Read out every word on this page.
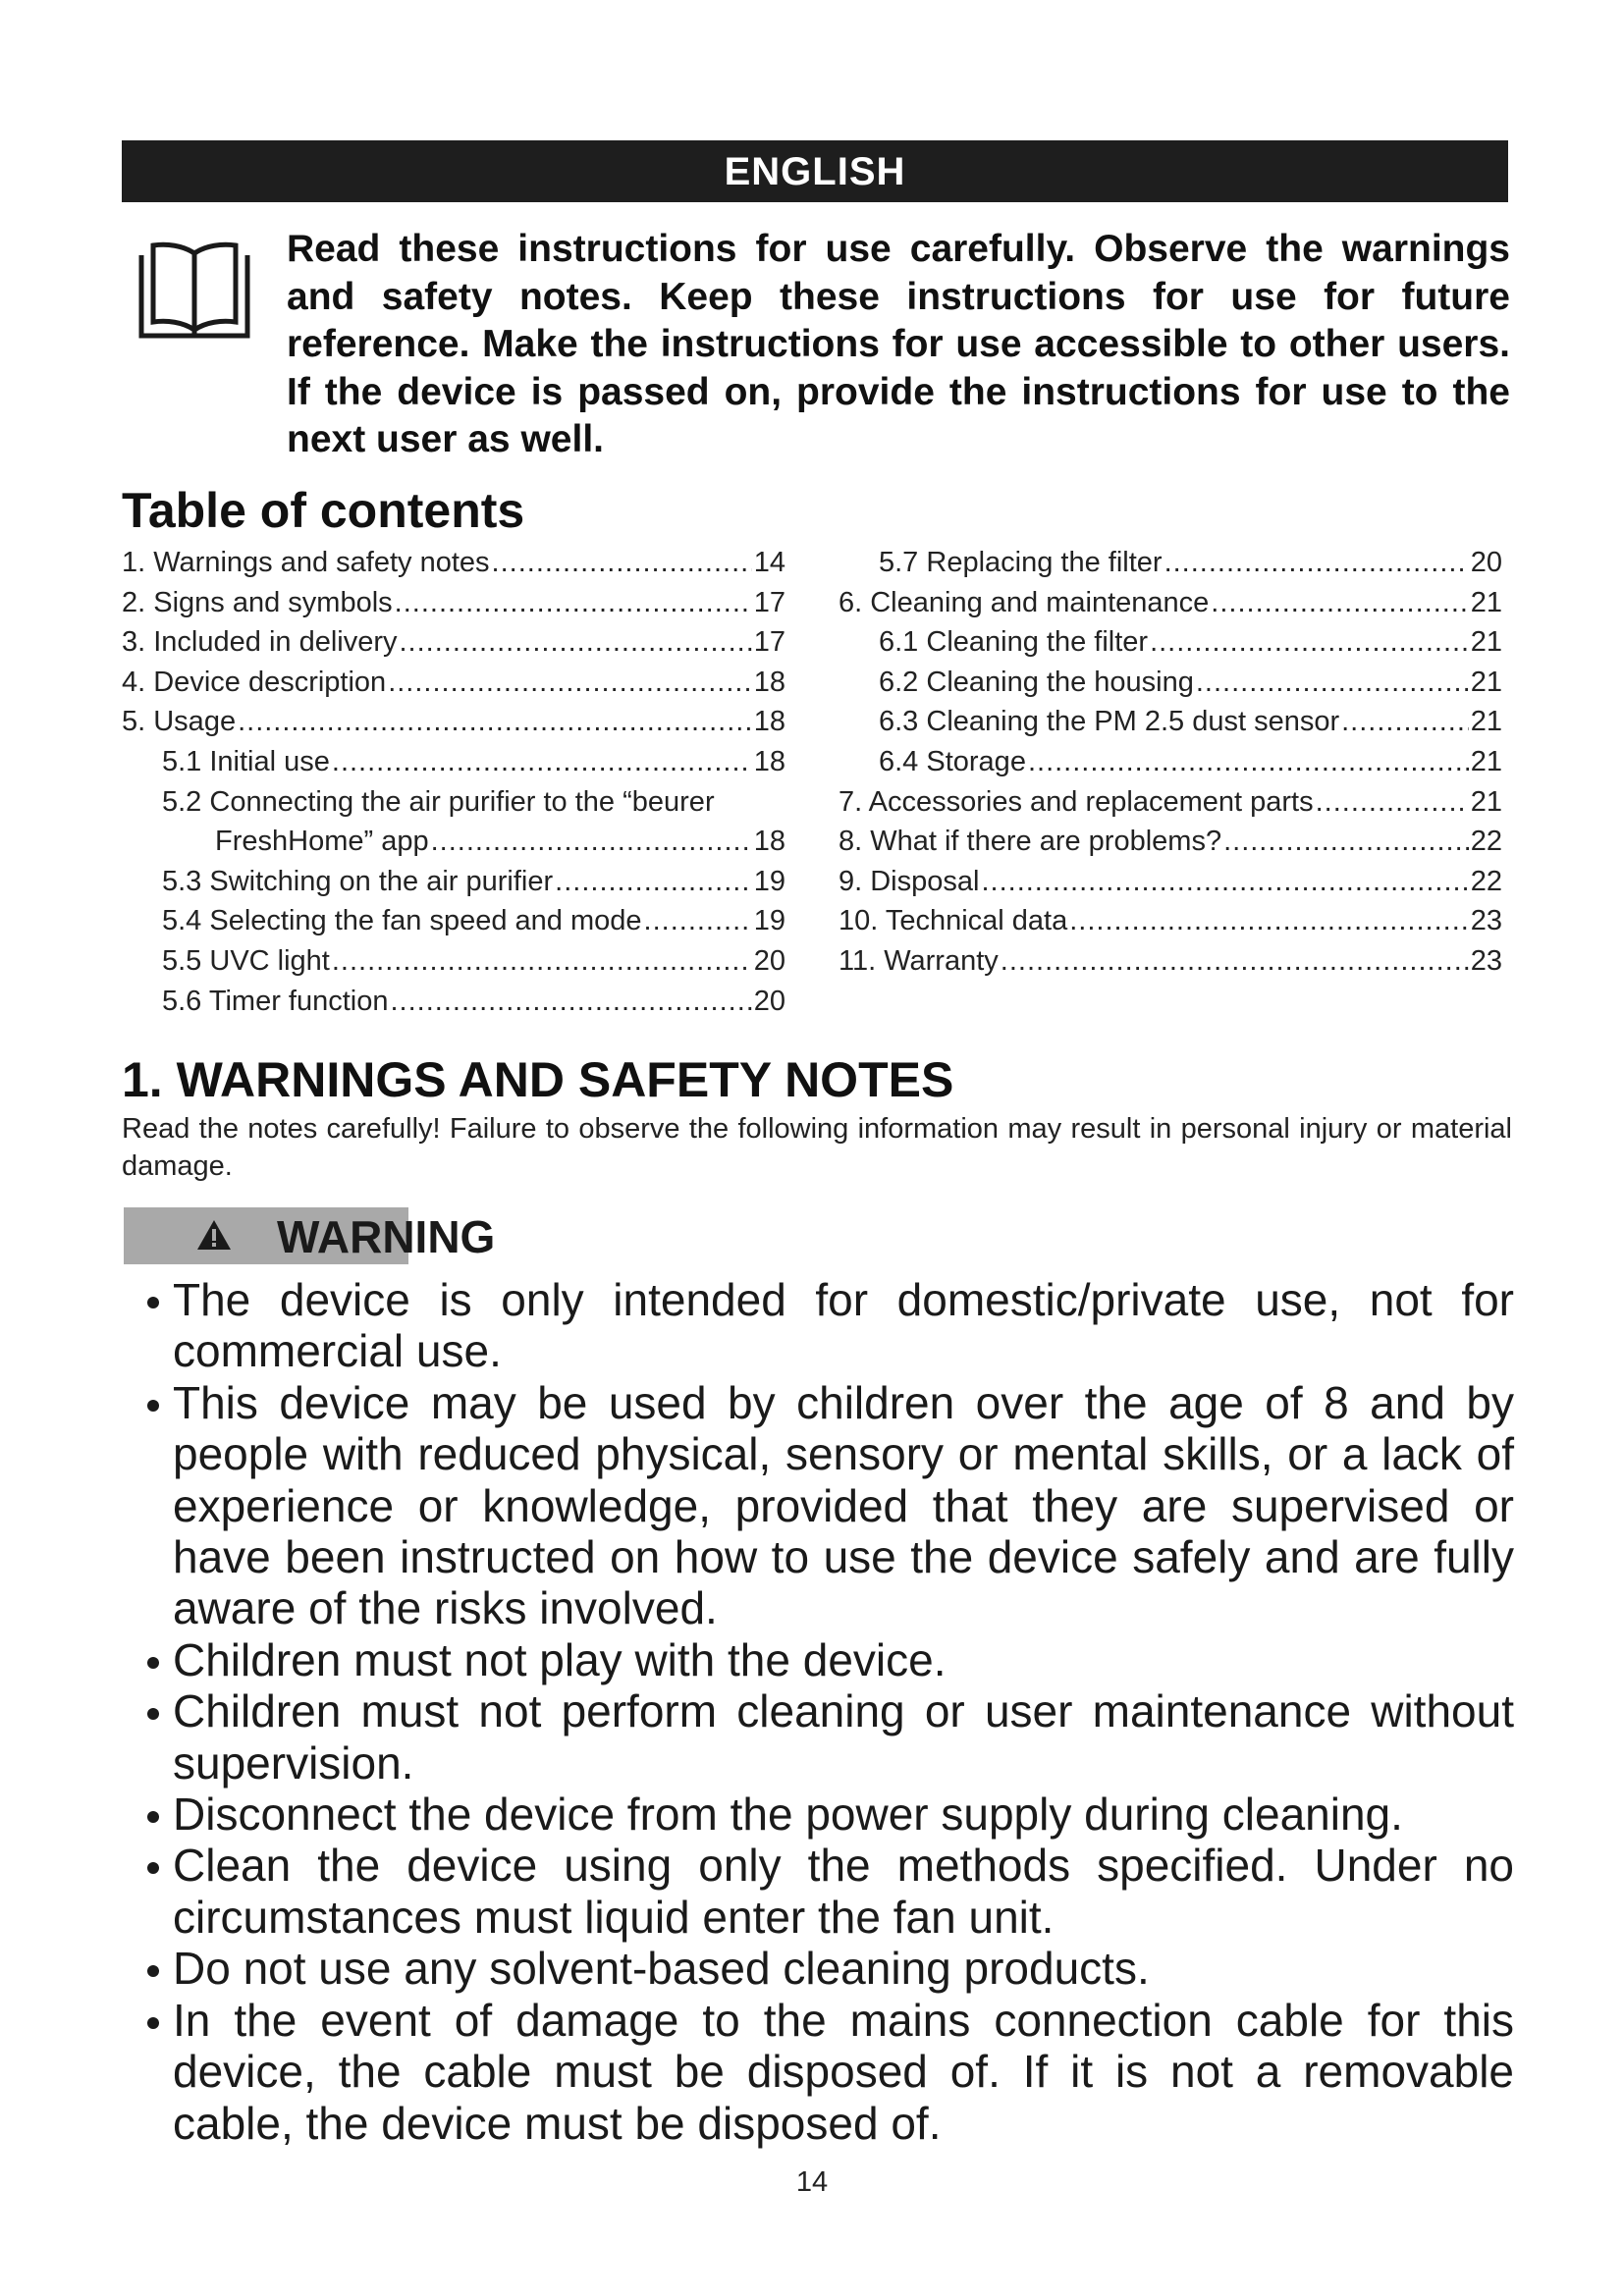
ENGLISH
Read these instructions for use carefully. Observe the warnings and safety notes. Keep these instructions for use for future reference. Make the instructions for use accessible to other users. If the device is passed on, provide the instructions for use to the next user as well.
Table of contents
1. Warnings and safety notes .....	14
2. Signs and symbols .....	17
3. Included in delivery .....	17
4. Device description .....	18
5. Usage .....	18
5.1 Initial use .....	18
5.2 Connecting the air purifier to the “beurer
FreshHome” app .....	18
5.3 Switching on the air purifier .....	19
5.4 Selecting the fan speed and mode .....	19
5.5 UVC light .....	20
5.6 Timer function .....	20
5.7 Replacing the filter .....	20
6. Cleaning and maintenance .....	21
6.1 Cleaning the filter .....	21
6.2 Cleaning the housing .....	21
6.3 Cleaning the PM 2.5 dust sensor .....	21
6.4 Storage .....	21
7. Accessories and replacement parts .....	21
8. What if there are problems? .....	22
9. Disposal .....	22
10. Technical data .....	23
11. Warranty .....	23
1. WARNINGS AND SAFETY NOTES
Read the notes carefully! Failure to observe the following information may result in personal injury or material damage.
WARNING
The device is only intended for domestic/private use, not for commercial use.
This device may be used by children over the age of 8 and by people with reduced physical, sensory or mental skills, or a lack of experience or knowledge, provided that they are supervised or have been instructed on how to use the device safely and are fully aware of the risks involved.
Children must not play with the device.
Children must not perform cleaning or user maintenance without supervision.
Disconnect the device from the power supply during cleaning.
Clean the device using only the methods specified. Under no circumstances must liquid enter the fan unit.
Do not use any solvent-based cleaning products.
In the event of damage to the mains connection cable for this device, the cable must be disposed of. If it is not a removable cable, the device must be disposed of.
14
